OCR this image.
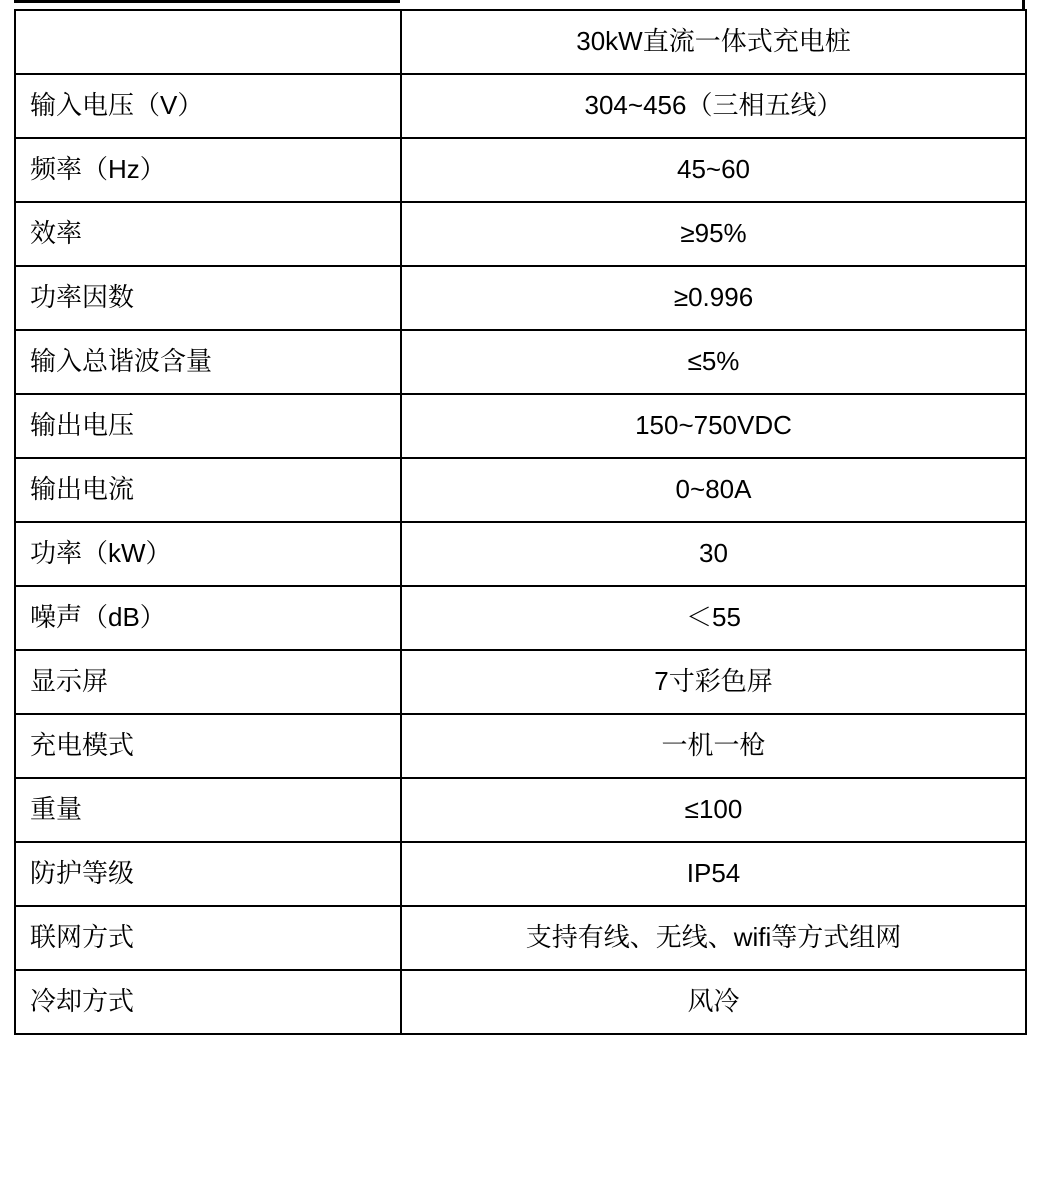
	30kW直流一体式充电桩
输入电压（V）	304~456（三相五线）
频率（Hz）	45~60
效率	≥95%
功率因数	≥0.996
输入总谐波含量	≤5%
输出电压	150~750VDC
输出电流	0~80A
功率（kW）	30
噪声（dB）	＜55
显示屏	7寸彩色屏
充电模式	一机一枪
重量	≤100
防护等级	IP54
联网方式	支持有线、无线、wifi等方式组网
冷却方式	风冷
